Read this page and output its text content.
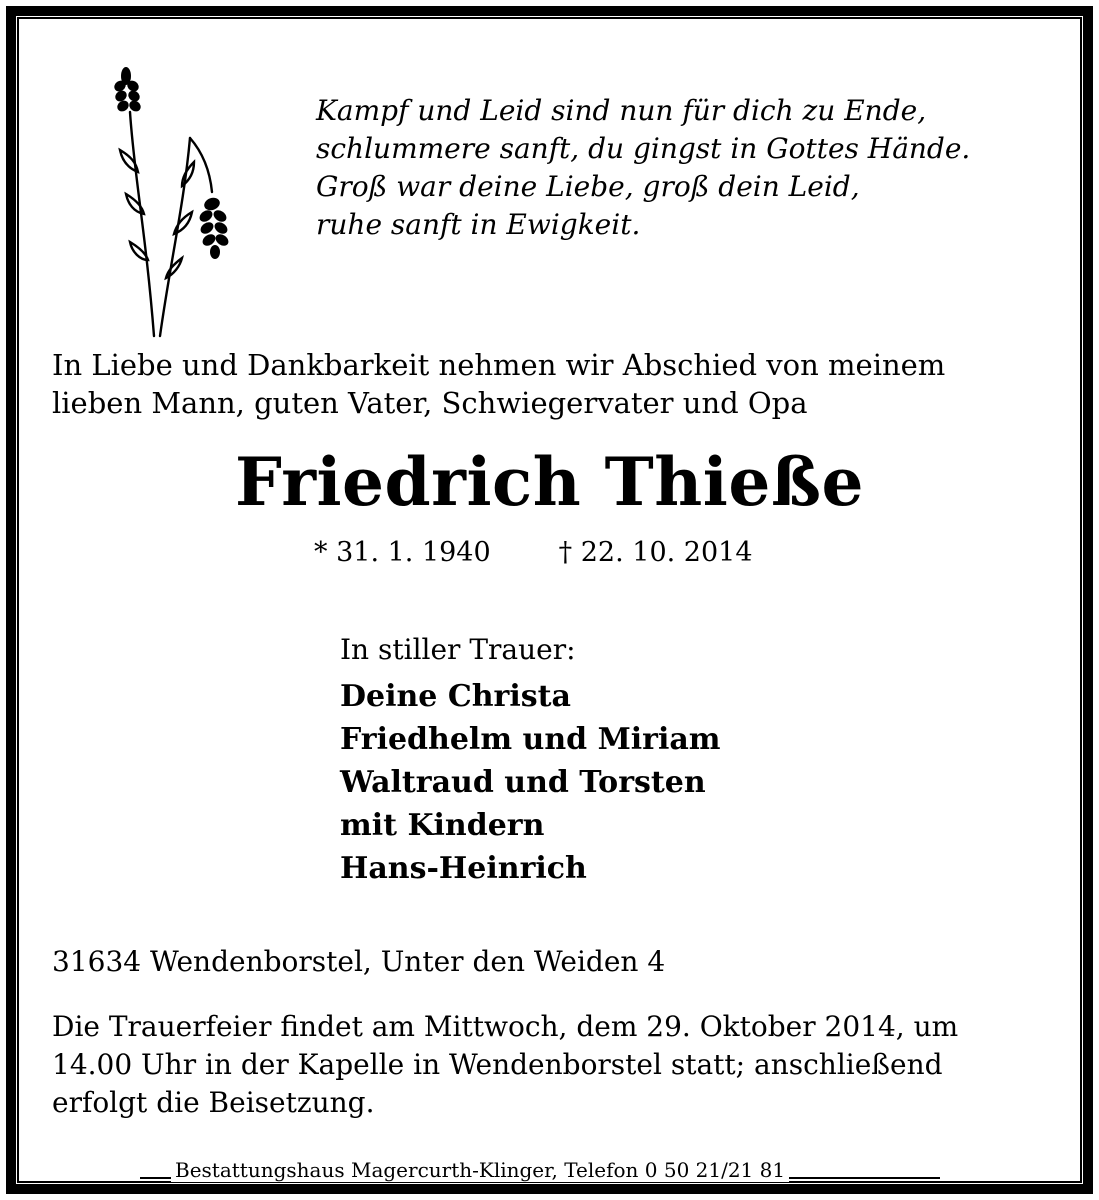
Kampf und Leid sind nun für dich zu Ende,
schlummere sanft, du gingst in Gottes Hände.
Groß war deine Liebe, groß dein Leid,
ruhe sanft in Ewigkeit.
In Liebe und Dankbarkeit nehmen wir Abschied von meinem
lieben Mann, guten Vater, Schwiegervater und Opa
Friedrich Thieße
* 31. 1. 1940	† 22. 10. 2014
In stiller Trauer:
Deine Christa
Friedhelm und Miriam
Waltraud und Torsten
mit Kindern
Hans-Heinrich
31634 Wendenborstel, Unter den Weiden 4
Die Trauerfeier findet am Mittwoch, dem 29. Oktober 2014, um
14.00 Uhr in der Kapelle in Wendenborstel statt; anschließend
erfolgt die Beisetzung.
Bestattungshaus Magercurth-Klinger, Telefon 0 50 21/21 81
